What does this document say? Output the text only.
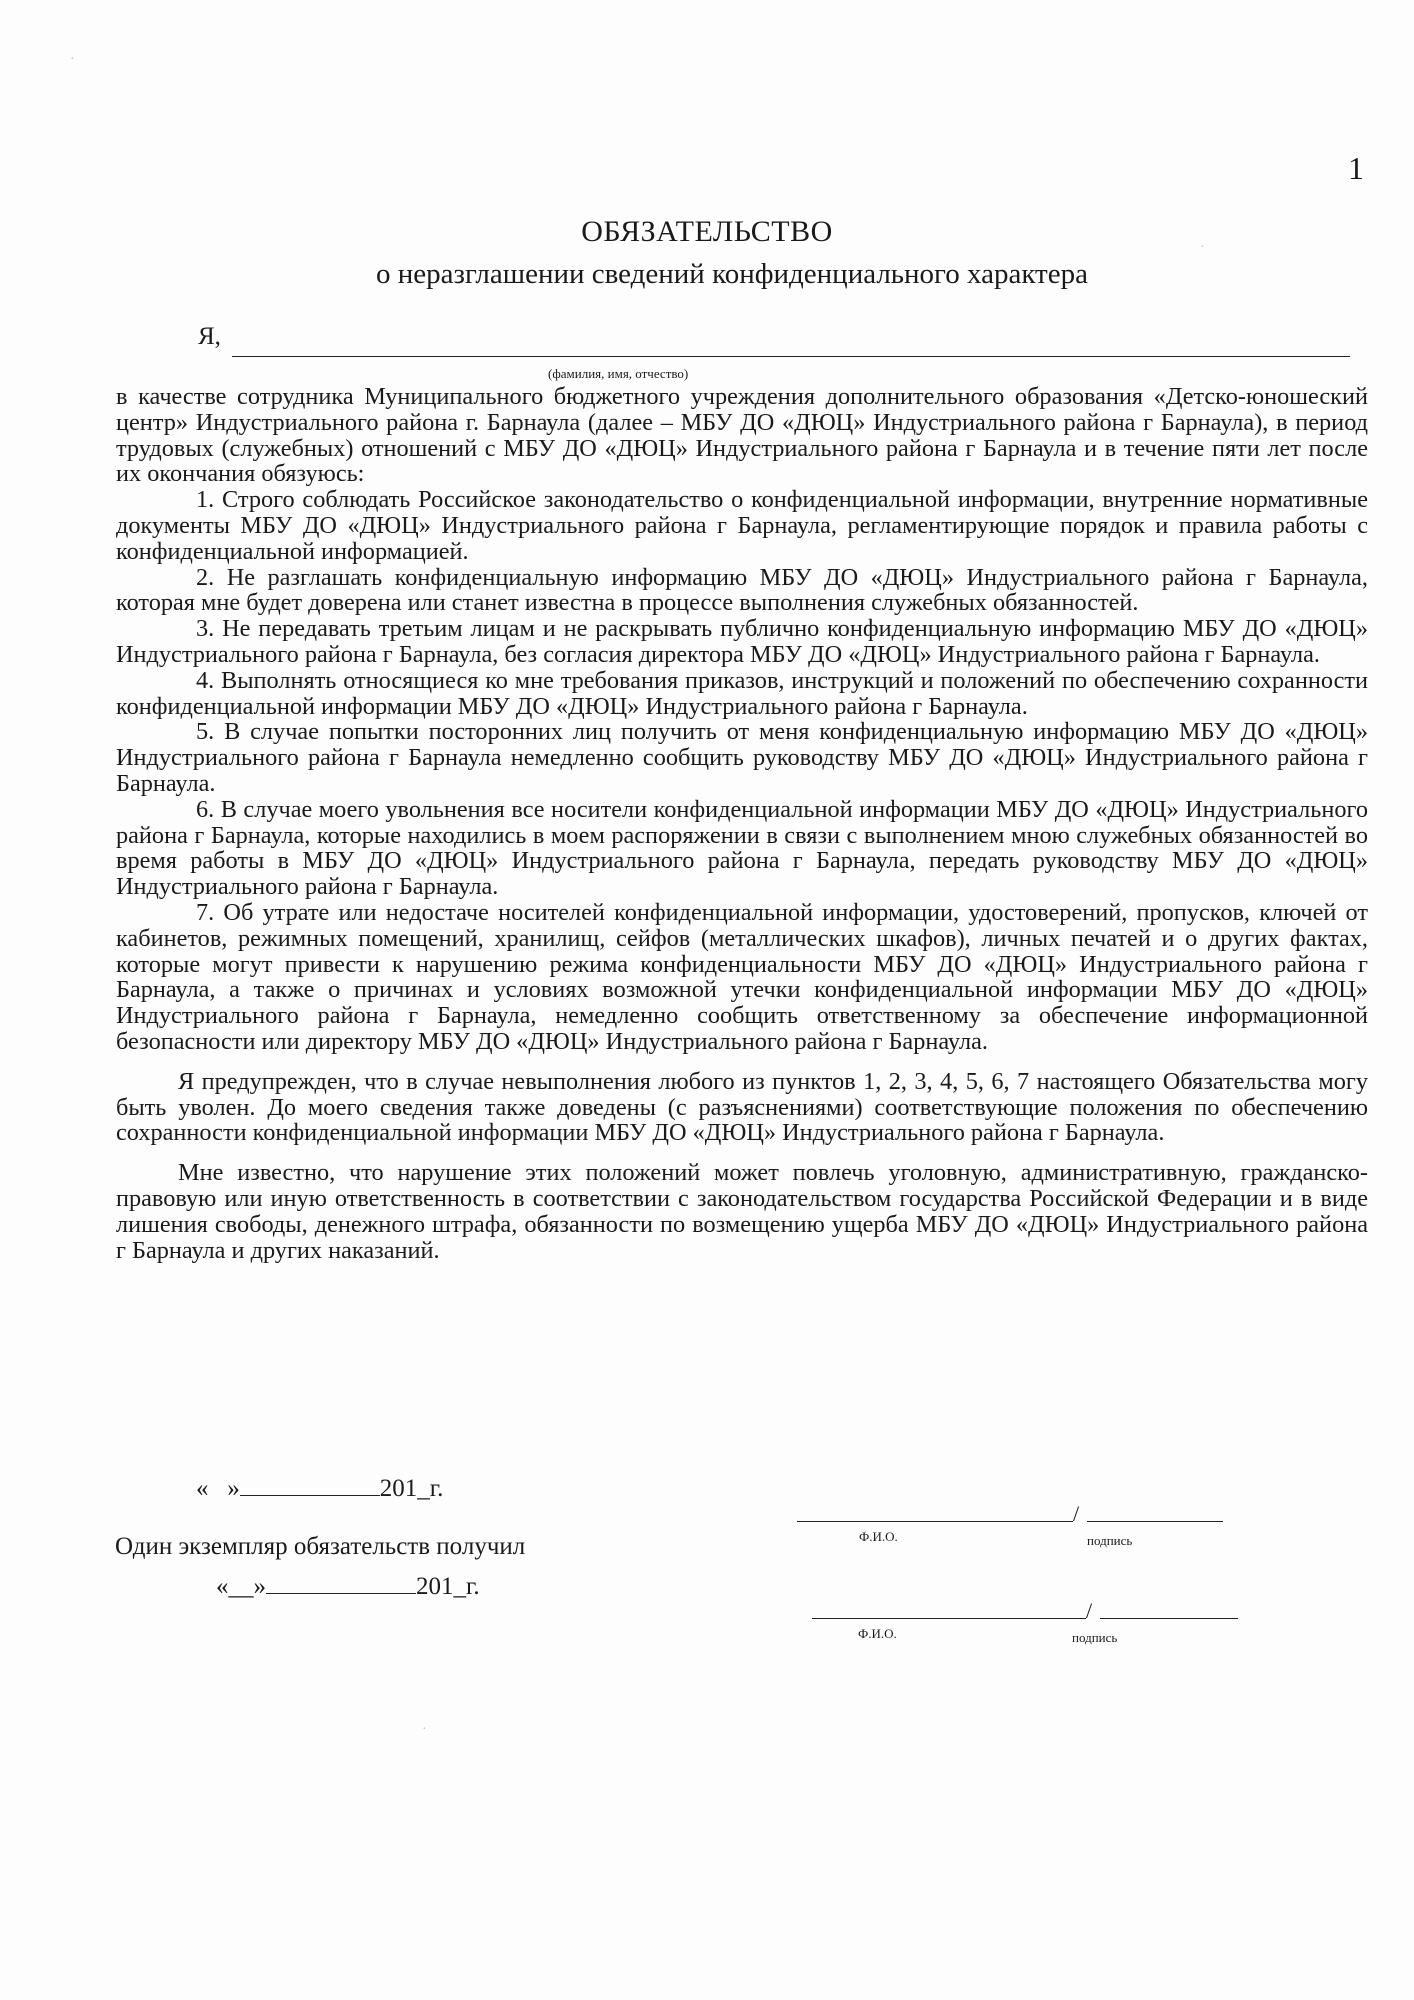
1
ОБЯЗАТЕЛЬСТВО
о неразглашении сведений конфиденциального характера
Я,
(фамилия, имя, отчество)

в качестве сотрудника Муниципального бюджетного учреждения дополнительного образования «Детско-юношеский центр» Индустриального района г. Барнаула (далее – МБУ ДО «ДЮЦ» Индустриального района г Барнаула), в период трудовых (служебных) отношений с МБУ ДО «ДЮЦ» Индустриального района г Барнаула и в течение пяти лет после их окончания обязуюсь:

1. Строго соблюдать Российское законодательство о конфиденциальной информации, внутренние нормативные документы МБУ ДО «ДЮЦ» Индустриального района г Барнаула, регламентирующие порядок и правила работы с конфиденциальной информацией.

2. Не разглашать конфиденциальную информацию МБУ ДО «ДЮЦ» Индустриального района г Барнаула, которая мне будет доверена или станет известна в процессе выполнения служебных обязанностей.

3. Не передавать третьим лицам и не раскрывать публично конфиденциальную информацию МБУ ДО «ДЮЦ» Индустриального района г Барнаула, без согласия директора МБУ ДО «ДЮЦ» Индустриального района г Барнаула.

4. Выполнять относящиеся ко мне требования приказов, инструкций и положений по обеспечению сохранности конфиденциальной информации МБУ ДО «ДЮЦ» Индустриального района г Барнаула.

5. В случае попытки посторонних лиц получить от меня конфиденциальную информацию МБУ ДО «ДЮЦ» Индустриального района г Барнаула немедленно сообщить руководству МБУ ДО «ДЮЦ» Индустриального района г Барнаула.

6. В случае моего увольнения все носители конфиденциальной информации МБУ ДО «ДЮЦ» Индустриального района г Барнаула, которые находились в моем распоряжении в связи с выполнением мною служебных обязанностей во время работы в МБУ ДО «ДЮЦ» Индустриального района г Барнаула, передать руководству МБУ ДО «ДЮЦ» Индустриального района г Барнаула.

7. Об утрате или недостаче носителей конфиденциальной информации, удостоверений, пропусков, ключей от кабинетов, режимных помещений, хранилищ, сейфов (металлических шкафов), личных печатей и о других фактах, которые могут привести к нарушению режима конфиденциальности МБУ ДО «ДЮЦ» Индустриального района г Барнаула, а также о причинах и условиях возможной утечки конфиденциальной информации МБУ ДО «ДЮЦ» Индустриального района г Барнаула, немедленно сообщить ответственному за обеспечение информационной безопасности или директору МБУ ДО «ДЮЦ» Индустриального района г Барнаула.

Я предупрежден, что в случае невыполнения любого из пунктов 1, 2, 3, 4, 5, 6, 7 настоящего Обязательства могу быть уволен. До моего сведения также доведены (с разъяснениями) соответствующие положения по обеспечению сохранности конфиденциальной информации МБУ ДО «ДЮЦ» Индустриального района г Барнаула.

Мне известно, что нарушение этих положений может повлечь уголовную, административную, гражданско-правовую или иную ответственность в соответствии с законодательством государства Российской Федерации и в виде лишения свободы, денежного штрафа, обязанности по возмещению ущерба МБУ ДО «ДЮЦ» Индустриального района г Барнаула и других наказаний.

« »	201_г.
/
Ф.И.О.	подпись
Один экземпляр обязательств получил
«__»	201_г.
/
Ф.И.О.	подпись
·
·
·
